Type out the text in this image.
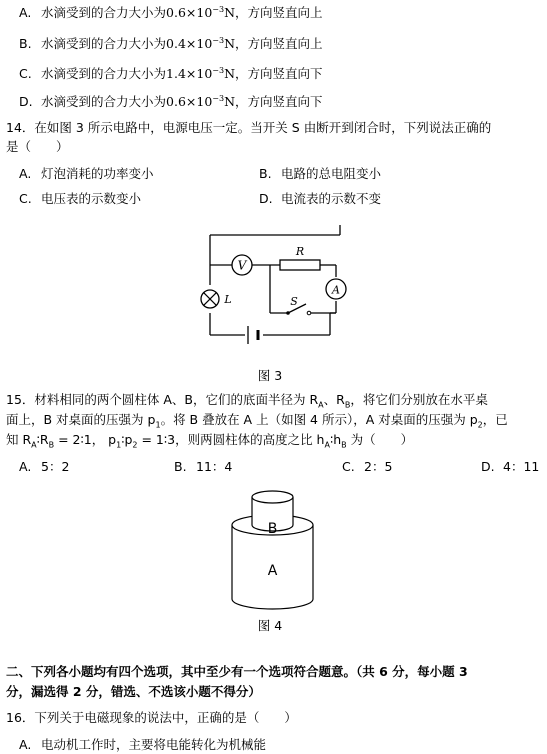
A. 水滴受到的合力大小为$0.6\times 10^{-3}N$，方向竖直向上
B. 水滴受到的合力大小为$0.4\times 10^{-3}N$，方向竖直向上
C. 水滴受到的合力大小为$1.4\times 10^{-3}N$，方向竖直向下
D. 水滴受到的合力大小为$0.6\times 10^{-3}N$，方向竖直向下
14．在如图 3 所示电路中，电源电压一定。当开关 S 由断开到闭合时，下列说法正确的
是（　　）
A. 灯泡消耗的功率变小	B. 电路的总电阻变小
C. 电压表的示数变小	D. 电流表的示数不变
V
R
A
S
L
图 3
15．材料相同的两个圆柱体 A、B，它们的底面半径为 $R_A$、$R_B$，将它们分别放在水平桌
面上，B 对桌面的压强为 $p_1$。将 B 叠放在 A 上（如图 4 所示），A 对桌面的压强为 $p_2$，已
知 $R_A∶R_B$ = 2∶1， $p_1∶p_2$ = 1∶3，则两圆柱体的高度之比 $h_A∶h_B$ 为（　　）
A. 5：2	B. 11：4	C. 2：5	D. 4：11
B
A
图 4
二、下列各小题均有四个选项，其中至少有一个选项符合题意。（共 6 分，每小题 3
分，漏选得 2 分，错选、不选该小题不得分）
16．下列关于电磁现象的说法中，正确的是（　　）
A. 电动机工作时，主要将电能转化为机械能
